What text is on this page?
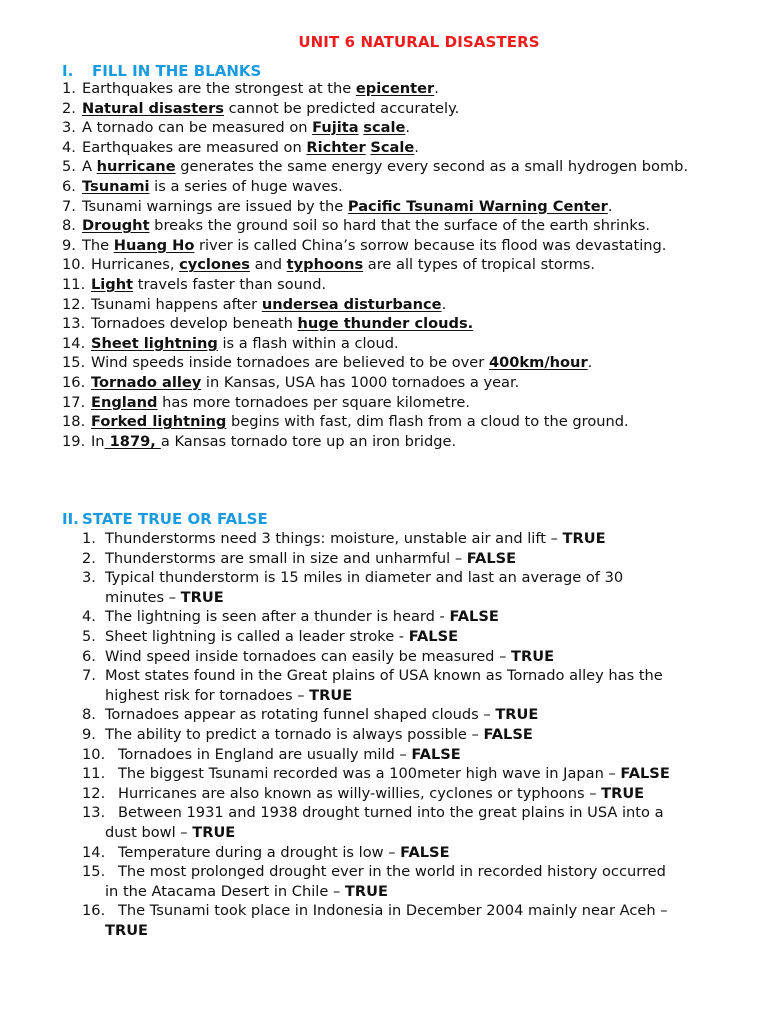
UNIT 6 NATURAL DISASTERS
I. FILL IN THE BLANKS
1. Earthquakes are the strongest at the epicenter.
2. Natural disasters cannot be predicted accurately.
3. A tornado can be measured on Fujita scale.
4. Earthquakes are measured on Richter Scale.
5. A hurricane generates the same energy every second as a small hydrogen bomb.
6. Tsunami is a series of huge waves.
7. Tsunami warnings are issued by the Pacific Tsunami Warning Center.
8. Drought breaks the ground soil so hard that the surface of the earth shrinks.
9. The Huang Ho river is called China’s sorrow because its flood was devastating.
10. Hurricanes, cyclones and typhoons are all types of tropical storms.
11. Light travels faster than sound.
12. Tsunami happens after undersea disturbance.
13. Tornadoes develop beneath huge thunder clouds.
14. Sheet lightning is a flash within a cloud.
15. Wind speeds inside tornadoes are believed to be over 400km/hour.
16. Tornado alley in Kansas, USA has 1000 tornadoes a year.
17. England has more tornadoes per square kilometre.
18. Forked lightning begins with fast, dim flash from a cloud to the ground.
19. In 1879, a Kansas tornado tore up an iron bridge.
II. STATE TRUE OR FALSE
1. Thunderstorms need 3 things: moisture, unstable air and lift – TRUE
2. Thunderstorms are small in size and unharmful – FALSE
3. Typical thunderstorm is 15 miles in diameter and last an average of 30 minutes – TRUE
4. The lightning is seen after a thunder is heard - FALSE
5. Sheet lightning is called a leader stroke - FALSE
6. Wind speed inside tornadoes can easily be measured – TRUE
7. Most states found in the Great plains of USA known as Tornado alley has the highest risk for tornadoes – TRUE
8. Tornadoes appear as rotating funnel shaped clouds – TRUE
9. The ability to predict a tornado is always possible – FALSE
10. Tornadoes in England are usually mild – FALSE
11. The biggest Tsunami recorded was a 100meter high wave in Japan – FALSE
12. Hurricanes are also known as willy-willies, cyclones or typhoons – TRUE
13. Between 1931 and 1938 drought turned into the great plains in USA into a dust bowl – TRUE
14. Temperature during a drought is low – FALSE
15. The most prolonged drought ever in the world in recorded history occurred in the Atacama Desert in Chile – TRUE
16. The Tsunami took place in Indonesia in December 2004 mainly near Aceh – TRUE
